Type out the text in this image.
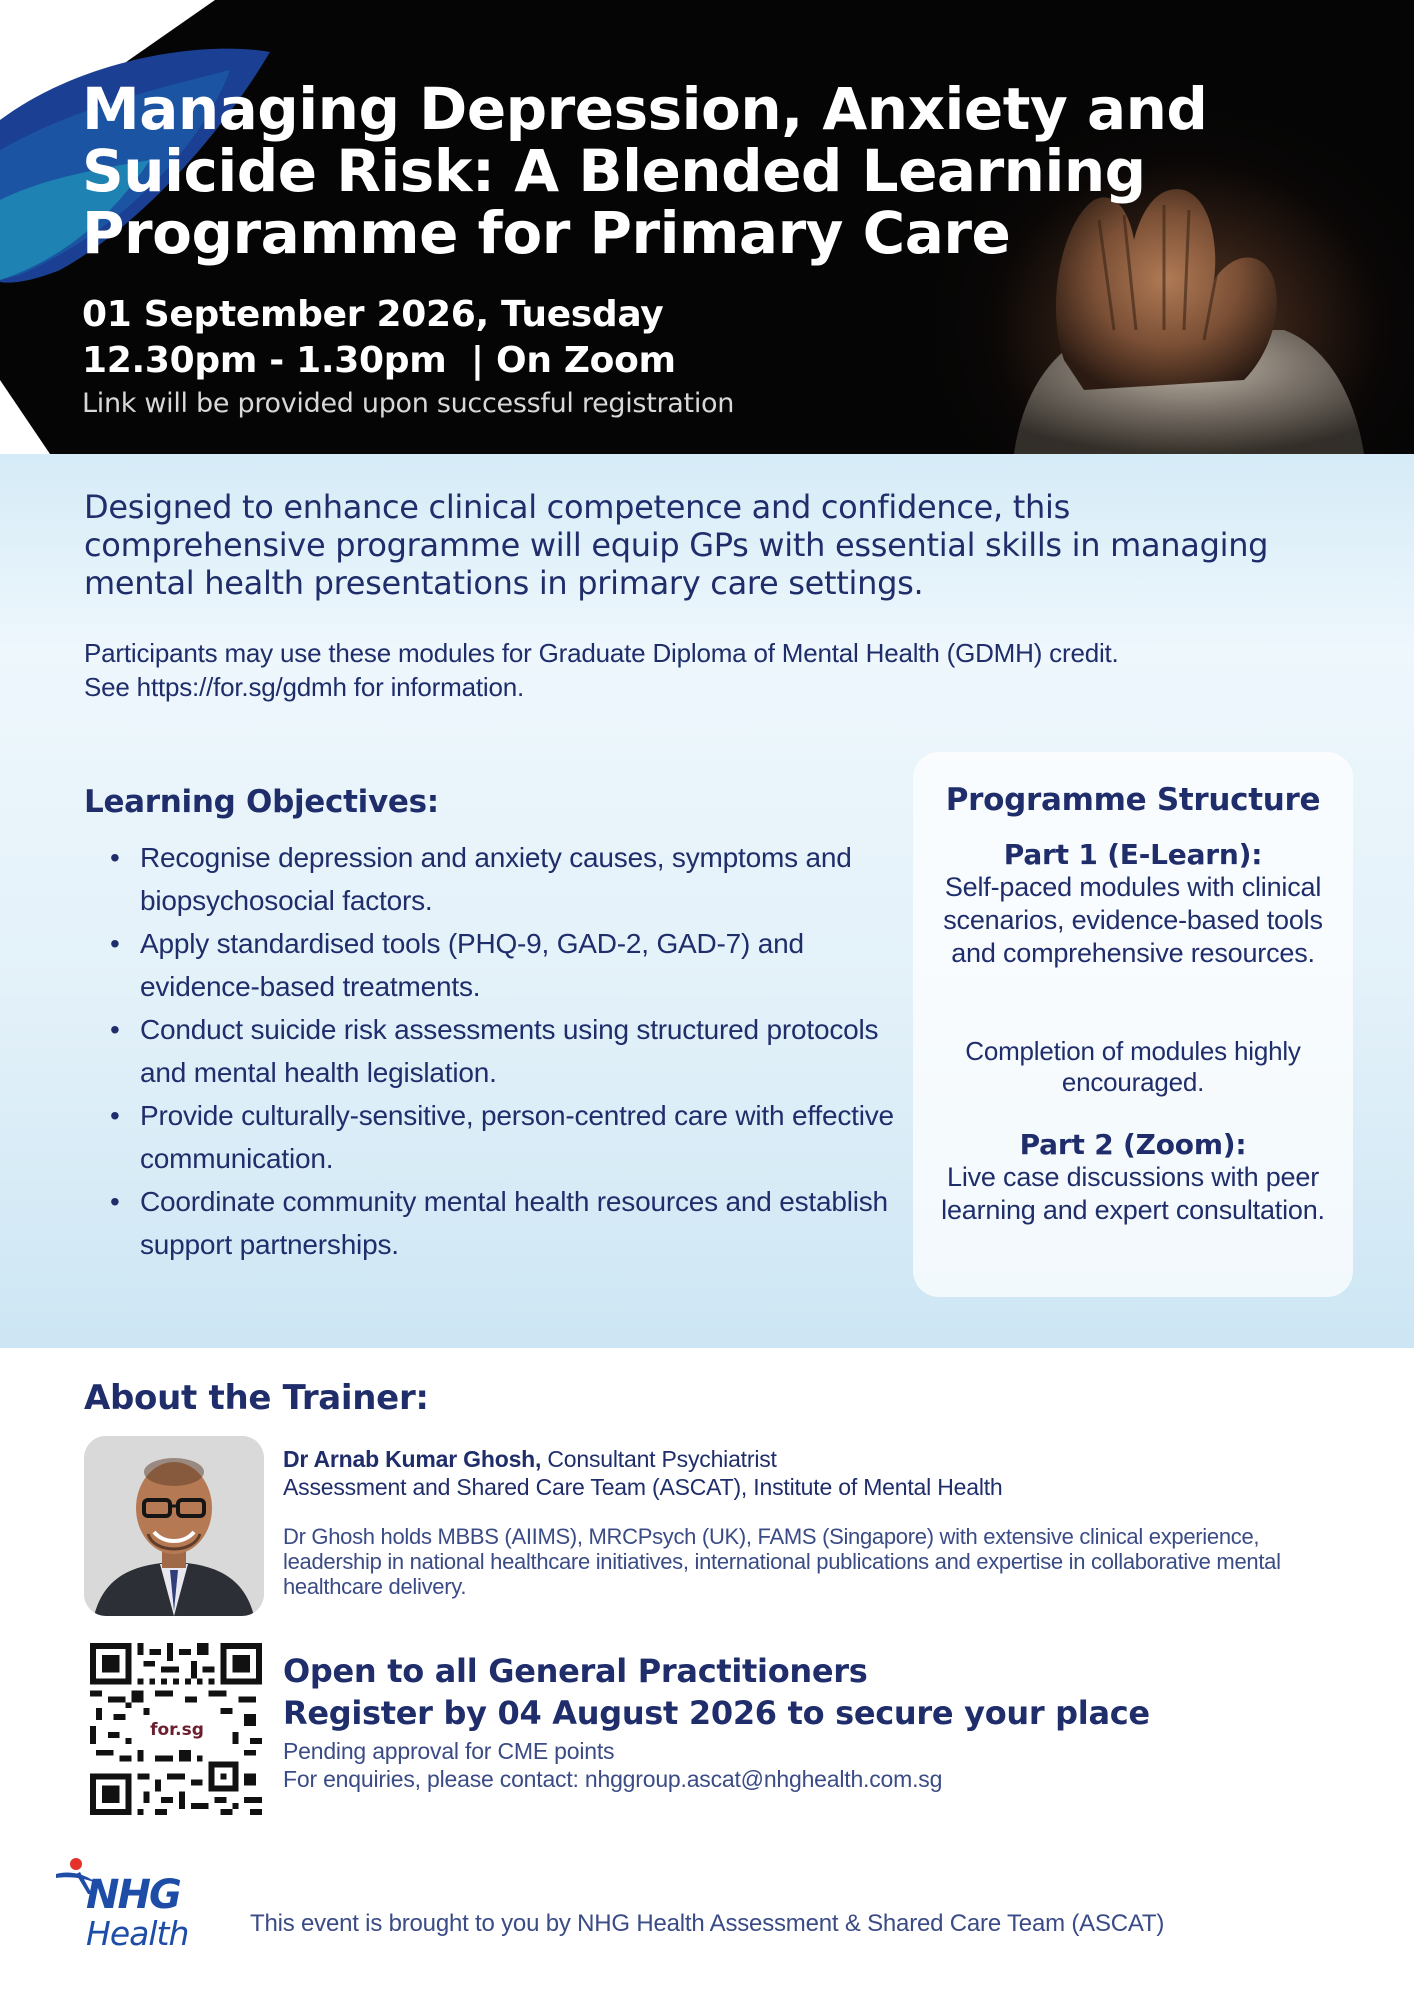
Managing Depression, Anxiety and Suicide Risk: A Blended Learning Programme for Primary Care
01 September 2026, Tuesday
12.30pm - 1.30pm  | On Zoom
Link will be provided upon successful registration
Designed to enhance clinical competence and confidence, this comprehensive programme will equip GPs with essential skills in managing mental health presentations in primary care settings.
Participants may use these modules for Graduate Diploma of Mental Health (GDMH) credit.
See https://for.sg/gdmh for information.
Learning Objectives:
• Recognise depression and anxiety causes, symptoms and biopsychosocial factors.
• Apply standardised tools (PHQ-9, GAD-2, GAD-7) and evidence-based treatments.
• Conduct suicide risk assessments using structured protocols and mental health legislation.
• Provide culturally-sensitive, person-centred care with effective communication.
• Coordinate community mental health resources and establish support partnerships.
Programme Structure
Part 1 (E-Learn):
Self-paced modules with clinical scenarios, evidence-based tools and comprehensive resources.
Completion of modules highly encouraged.
Part 2 (Zoom):
Live case discussions with peer learning and expert consultation.
About the Trainer:
Dr Arnab Kumar Ghosh, Consultant Psychiatrist
Assessment and Shared Care Team (ASCAT), Institute of Mental Health
Dr Ghosh holds MBBS (AIIMS), MRCPsych (UK), FAMS (Singapore) with extensive clinical experience, leadership in national healthcare initiatives, international publications and expertise in collaborative mental healthcare delivery.
for.sg
Open to all General Practitioners
Register by 04 August 2026 to secure your place
Pending approval for CME points
For enquiries, please contact: nhggroup.ascat@nhghealth.com.sg
NHG
Health	This event is brought to you by NHG Health Assessment & Shared Care Team (ASCAT)
